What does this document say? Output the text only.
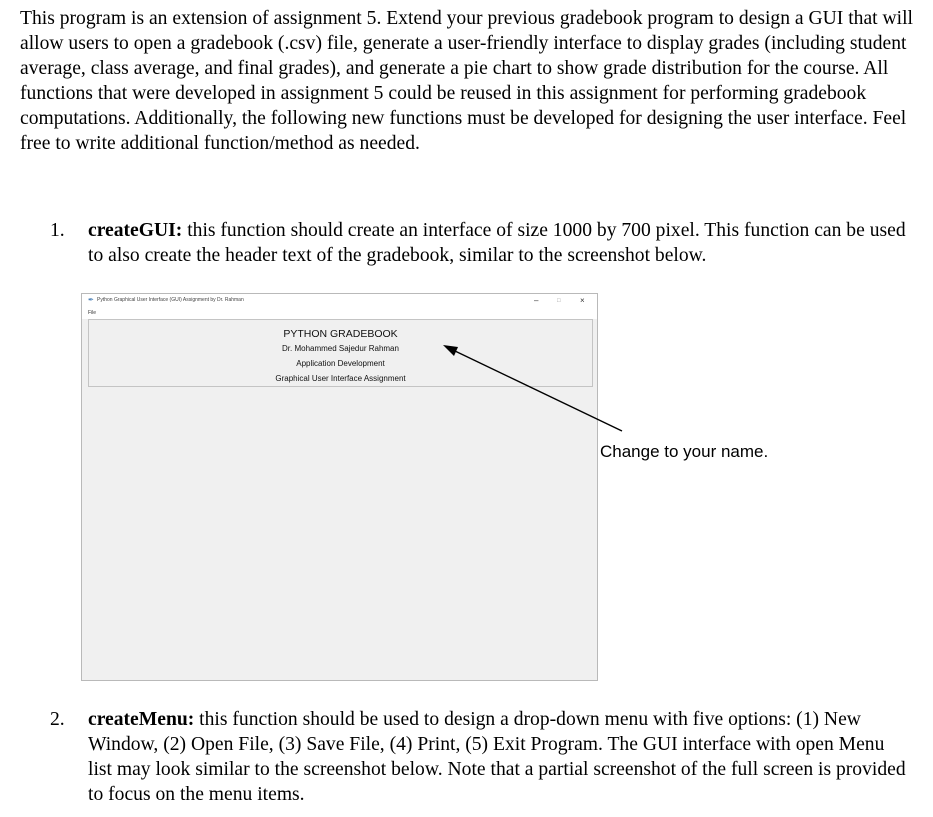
This program is an extension of assignment 5. Extend your previous gradebook program to design a GUI that will allow users to open a gradebook (.csv) file, generate a user-friendly interface to display grades (including student average, class average, and final grades), and generate a pie chart to show grade distribution for the course. All functions that were developed in assignment 5 could be reused in this assignment for performing gradebook computations. Additionally, the following new functions must be developed for designing the user interface. Feel free to write additional function/method as needed.

1. createGUI: this function should create an interface of size 1000 by 700 pixel. This function can be used to also create the header text of the gradebook, similar to the screenshot below.
✒ Python Graphical User Interface (GUI) Assignment by Dr. Rahman	–	□ ×
File
PYTHON GRADEBOOK
Dr. Mohammed Sajedur Rahman
Application Development
Graphical User Interface Assignment
Change to your name.
2. createMenu: this function should be used to design a drop-down menu with five options: (1) New Window, (2) Open File, (3) Save File, (4) Print, (5) Exit Program. The GUI interface with open Menu list may look similar to the screenshot below. Note that a partial screenshot of the full screen is provided to focus on the menu items.
